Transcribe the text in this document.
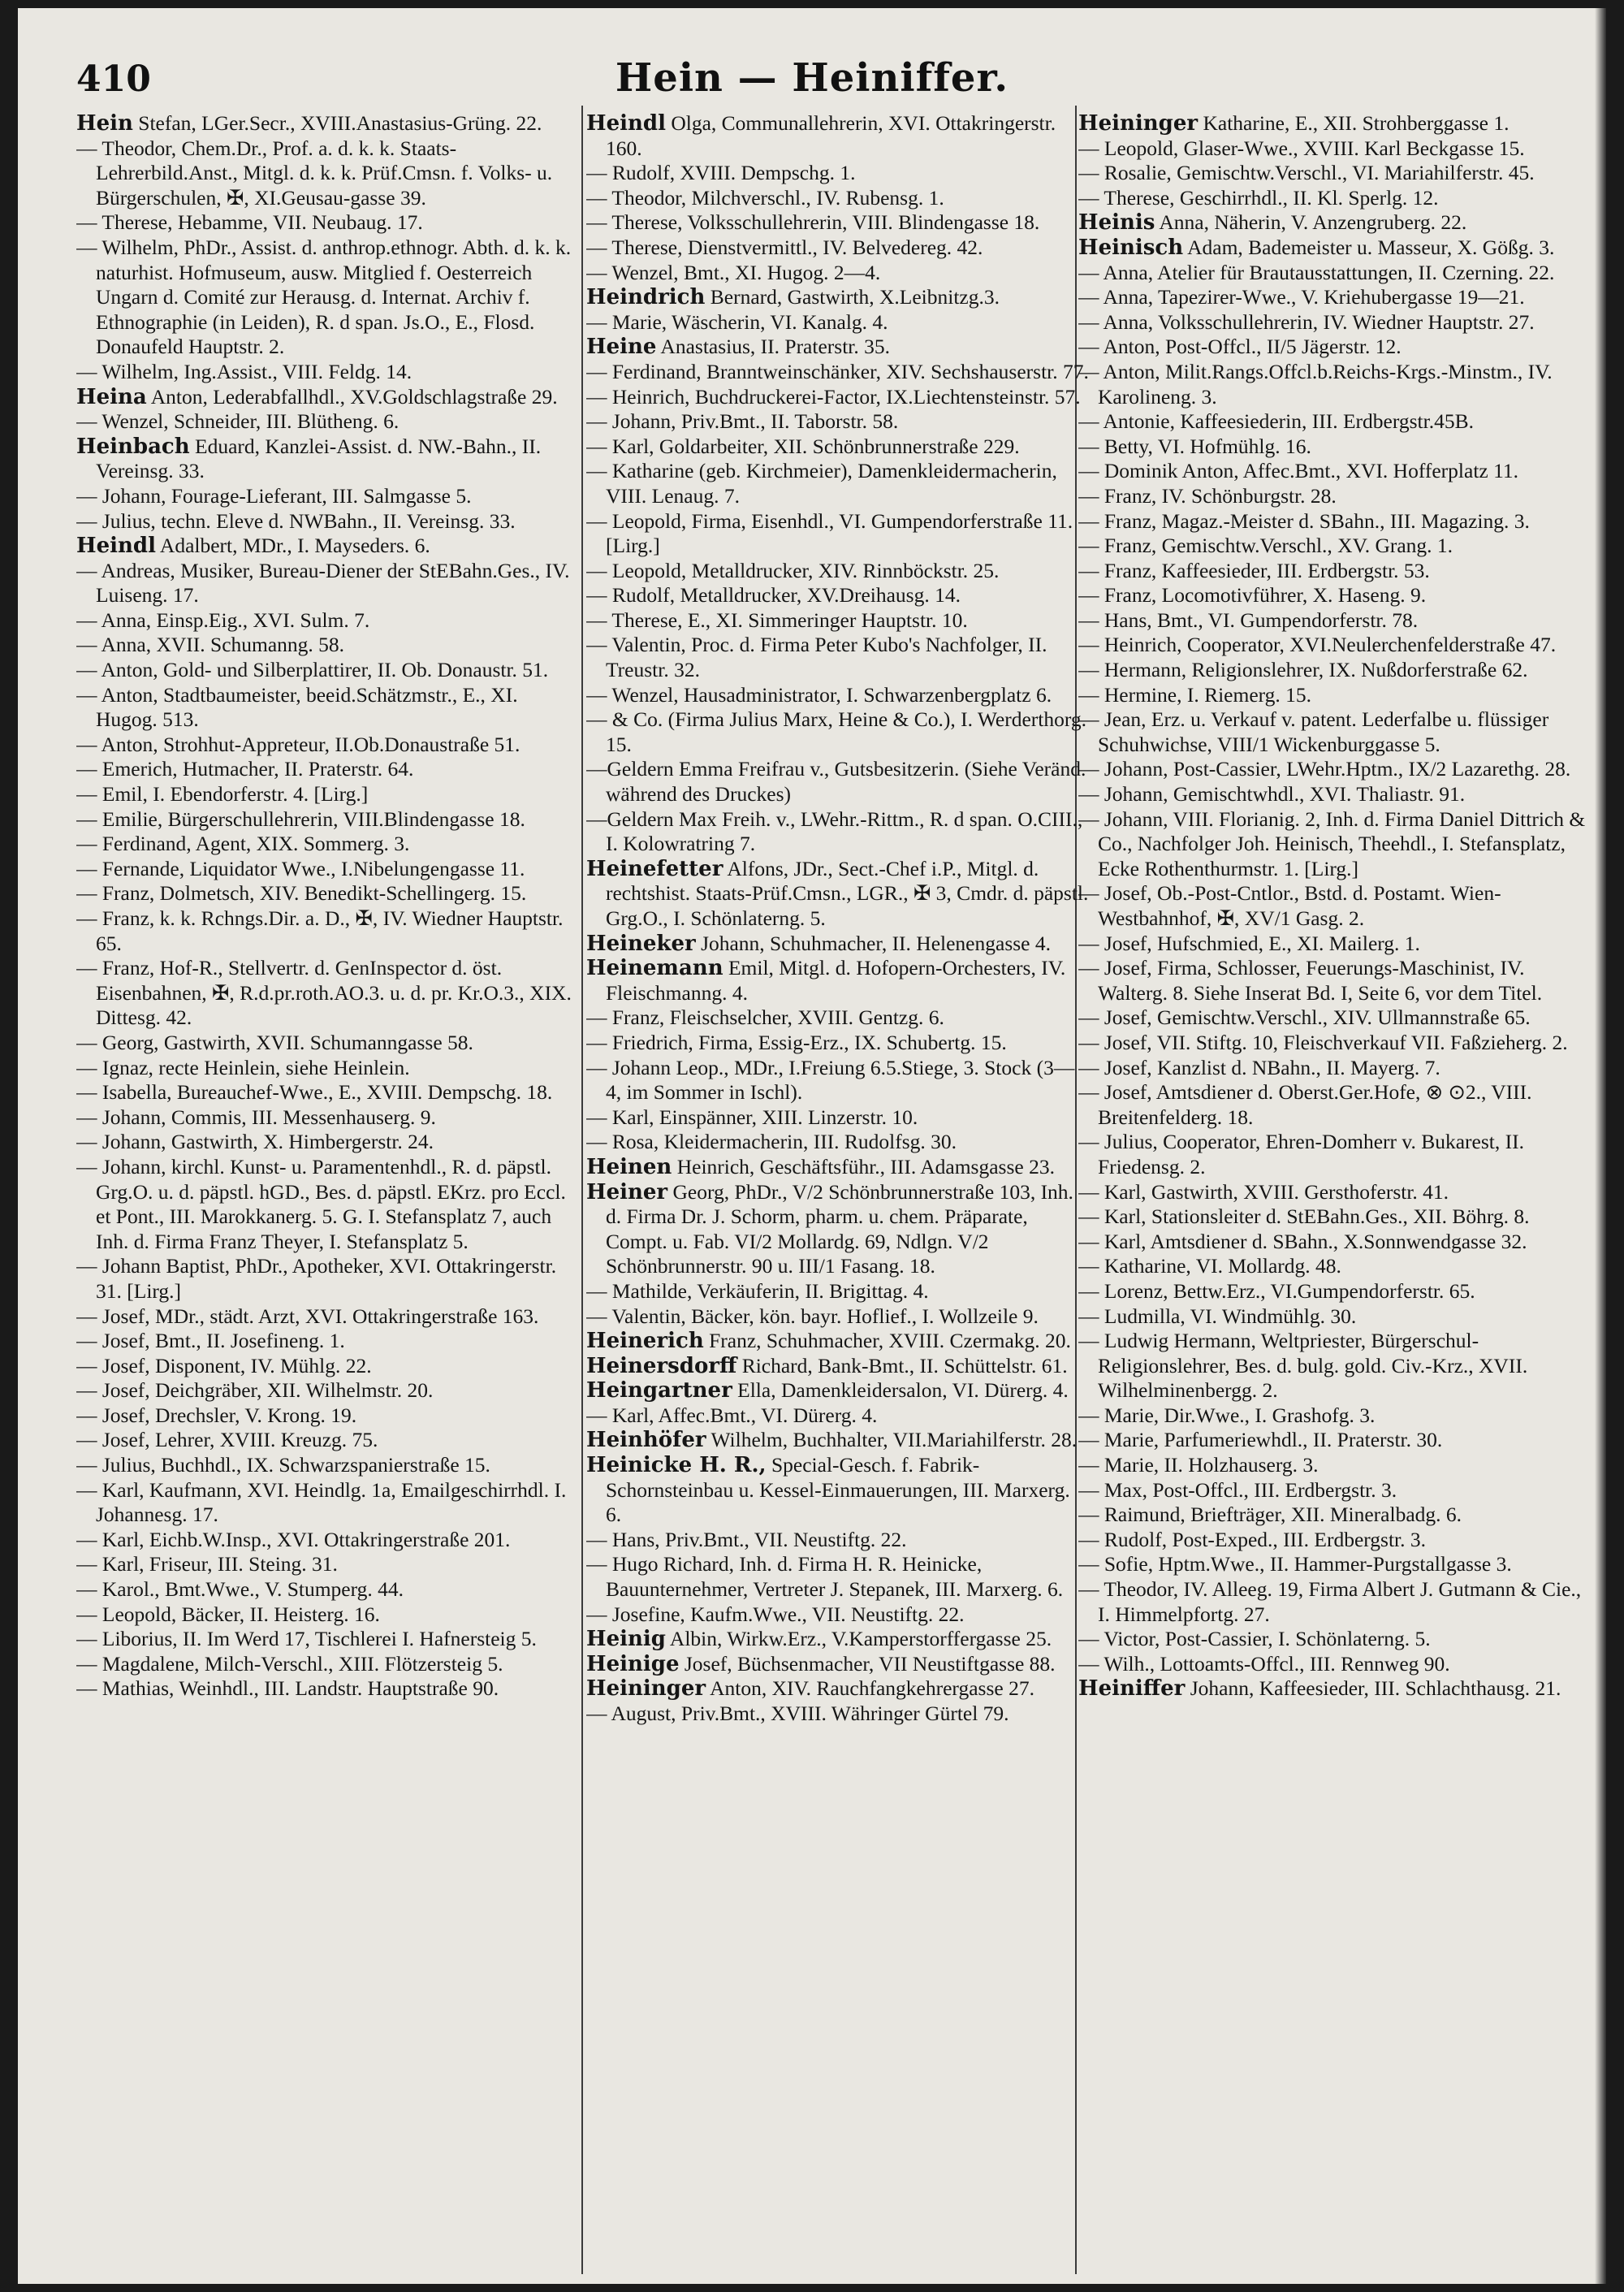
410	Hein — Heiniffer.

Hein Stefan, LGer.Secr., XVIII.Anastasius-Grüng. 22.

— Theodor, Chem.Dr., Prof. a. d. k. k. Staats-Lehrerbild.Anst., Mitgl. d. k. k. Prüf.Cmsn. f. Volks- u. Bürgerschulen, ✠, XI.Geusau-gasse 39.

— Therese, Hebamme, VII. Neubaug. 17.

— Wilhelm, PhDr., Assist. d. anthrop.ethnogr. Abth. d. k. k. naturhist. Hofmuseum, ausw. Mitglied f. Oesterreich Ungarn d. Comité zur Herausg. d. Internat. Archiv f. Ethnographie (in Leiden), R. d span. Js.O., E., Flosd. Donaufeld Hauptstr. 2.

— Wilhelm, Ing.Assist., VIII. Feldg. 14.

Heina Anton, Lederabfallhdl., XV.Goldschlagstraße 29.

— Wenzel, Schneider, III. Blütheng. 6.

Heinbach Eduard, Kanzlei-Assist. d. NW.-Bahn., II. Vereinsg. 33.

— Johann, Fourage-Lieferant, III. Salmgasse 5.

— Julius, techn. Eleve d. NWBahn., II. Vereinsg. 33.

Heindl Adalbert, MDr., I. Mayseders. 6.

— Andreas, Musiker, Bureau-Diener der StEBahn.Ges., IV. Luiseng. 17.

— Anna, Einsp.Eig., XVI. Sulm. 7.

— Anna, XVII. Schumanng. 58.

— Anton, Gold- und Silberplattirer, II. Ob. Donaustr. 51.

— Anton, Stadtbaumeister, beeid.Schätzmstr., E., XI. Hugog. 513.

— Anton, Strohhut-Appreteur, II.Ob.Donaustraße 51.

— Emerich, Hutmacher, II. Praterstr. 64.

— Emil, I. Ebendorferstr. 4. [Lirg.]

— Emilie, Bürgerschullehrerin, VIII.Blindengasse 18.

— Ferdinand, Agent, XIX. Sommerg. 3.

— Fernande, Liquidator Wwe., I.Nibelungengasse 11.

— Franz, Dolmetsch, XIV. Benedikt-Schellingerg. 15.

— Franz, k. k. Rchngs.Dir. a. D., ✠, IV. Wiedner Hauptstr. 65.

— Franz, Hof-R., Stellvertr. d. GenInspector d. öst. Eisenbahnen, ✠, R.d.pr.roth.AO.3. u. d. pr. Kr.O.3., XIX. Dittesg. 42.

— Georg, Gastwirth, XVII. Schumanngasse 58.

— Ignaz, recte Heinlein, siehe Heinlein.

— Isabella, Bureauchef-Wwe., E., XVIII. Dempschg. 18.

— Johann, Commis, III. Messenhauserg. 9.

— Johann, Gastwirth, X. Himbergerstr. 24.

— Johann, kirchl. Kunst- u. Paramentenhdl., R. d. päpstl. Grg.O. u. d. päpstl. hGD., Bes. d. päpstl. EKrz. pro Eccl. et Pont., III. Marokkanerg. 5. G. I. Stefansplatz 7, auch Inh. d. Firma Franz Theyer, I. Stefansplatz 5.

— Johann Baptist, PhDr., Apotheker, XVI. Ottakringerstr. 31. [Lirg.]

— Josef, MDr., städt. Arzt, XVI. Ottakringerstraße 163.

— Josef, Bmt., II. Josefineng. 1.

— Josef, Disponent, IV. Mühlg. 22.

— Josef, Deichgräber, XII. Wilhelmstr. 20.

— Josef, Drechsler, V. Krong. 19.

— Josef, Lehrer, XVIII. Kreuzg. 75.

— Julius, Buchhdl., IX. Schwarzspanierstraße 15.

— Karl, Kaufmann, XVI. Heindlg. 1a, Emailgeschirrhdl. I. Johannesg. 17.

— Karl, Eichb.W.Insp., XVI. Ottakringerstraße 201.

— Karl, Friseur, III. Steing. 31.

— Karol., Bmt.Wwe., V. Stumperg. 44.

— Leopold, Bäcker, II. Heisterg. 16.

— Liborius, II. Im Werd 17, Tischlerei I. Hafnersteig 5.

— Magdalene, Milch-Verschl., XIII. Flötzersteig 5.

— Mathias, Weinhdl., III. Landstr. Hauptstraße 90.

Heindl Olga, Communallehrerin, XVI. Ottakringerstr. 160.

— Rudolf, XVIII. Dempschg. 1.

— Theodor, Milchverschl., IV. Rubensg. 1.

— Therese, Volksschullehrerin, VIII. Blindengasse 18.

— Therese, Dienstvermittl., IV. Belvedereg. 42.

— Wenzel, Bmt., XI. Hugog. 2—4.

Heindrich Bernard, Gastwirth, X.Leibnitzg.3.

— Marie, Wäscherin, VI. Kanalg. 4.

Heine Anastasius, II. Praterstr. 35.

— Ferdinand, Branntweinschänker, XIV. Sechshauserstr. 77.

— Heinrich, Buchdruckerei-Factor, IX.Liechtensteinstr. 57.

— Johann, Priv.Bmt., II. Taborstr. 58.

— Karl, Goldarbeiter, XII. Schönbrunnerstraße 229.

— Katharine (geb. Kirchmeier), Damenkleidermacherin, VIII. Lenaug. 7.

— Leopold, Firma, Eisenhdl., VI. Gumpendorferstraße 11. [Lirg.]

— Leopold, Metalldrucker, XIV. Rinnböckstr. 25.

— Rudolf, Metalldrucker, XV.Dreihausg. 14.

— Therese, E., XI. Simmeringer Hauptstr. 10.

— Valentin, Proc. d. Firma Peter Kubo's Nachfolger, II. Treustr. 32.

— Wenzel, Hausadministrator, I. Schwarzenbergplatz 6.

— & Co. (Firma Julius Marx, Heine & Co.), I. Werderthorg. 15.

—Geldern Emma Freifrau v., Gutsbesitzerin. (Siehe Veränd. während des Druckes)

—Geldern Max Freih. v., LWehr.-Rittm., R. d span. O.CIII., I. Kolowratring 7.

Heinefetter Alfons, JDr., Sect.-Chef i.P., Mitgl. d. rechtshist. Staats-Prüf.Cmsn., LGR., ✠ 3, Cmdr. d. päpstl. Grg.O., I. Schönlaterng. 5.

Heineker Johann, Schuhmacher, II. Helenengasse 4.

Heinemann Emil, Mitgl. d. Hofopern-Orchesters, IV. Fleischmanng. 4.

— Franz, Fleischselcher, XVIII. Gentzg. 6.

— Friedrich, Firma, Essig-Erz., IX. Schubertg. 15.

— Johann Leop., MDr., I.Freiung 6.5.Stiege, 3. Stock (3—4, im Sommer in Ischl).

— Karl, Einspänner, XIII. Linzerstr. 10.

— Rosa, Kleidermacherin, III. Rudolfsg. 30.

Heinen Heinrich, Geschäftsführ., III. Adamsgasse 23.

Heiner Georg, PhDr., V/2 Schönbrunnerstraße 103, Inh. d. Firma Dr. J. Schorm, pharm. u. chem. Präparate, Compt. u. Fab. VI/2 Mollardg. 69, Ndlgn. V/2 Schönbrunnerstr. 90 u. III/1 Fasang. 18.

— Mathilde, Verkäuferin, II. Brigittag. 4.

— Valentin, Bäcker, kön. bayr. Hoflief., I. Wollzeile 9.

Heinerich Franz, Schuhmacher, XVIII. Czermakg. 20.

Heinersdorff Richard, Bank-Bmt., II. Schüttelstr. 61.

Heingartner Ella, Damenkleidersalon, VI. Dürerg. 4.

— Karl, Affec.Bmt., VI. Dürerg. 4.

Heinhöfer Wilhelm, Buchhalter, VII.Mariahilferstr. 28.

Heinicke H. R., Special-Gesch. f. Fabrik-Schornsteinbau u. Kessel-Einmauerungen, III. Marxerg. 6.

— Hans, Priv.Bmt., VII. Neustiftg. 22.

— Hugo Richard, Inh. d. Firma H. R. Heinicke, Bauunternehmer, Vertreter J. Stepanek, III. Marxerg. 6.

— Josefine, Kaufm.Wwe., VII. Neustiftg. 22.

Heinig Albin, Wirkw.Erz., V.Kamperstorffergasse 25.

Heinige Josef, Büchsenmacher, VII Neustiftgasse 88.

Heininger Anton, XIV. Rauchfangkehrergasse 27.

— August, Priv.Bmt., XVIII. Währinger Gürtel 79.

Heininger Katharine, E., XII. Strohberggasse 1.

— Leopold, Glaser-Wwe., XVIII. Karl Beckgasse 15.

— Rosalie, Gemischtw.Verschl., VI. Mariahilferstr. 45.

— Therese, Geschirrhdl., II. Kl. Sperlg. 12.

Heinis Anna, Näherin, V. Anzengruberg. 22.

Heinisch Adam, Bademeister u. Masseur, X. Gößg. 3.

— Anna, Atelier für Brautausstattungen, II. Czerning. 22.

— Anna, Tapezirer-Wwe., V. Kriehubergasse 19—21.

— Anna, Volksschullehrerin, IV. Wiedner Hauptstr. 27.

— Anton, Post-Offcl., II/5 Jägerstr. 12.

— Anton, Milit.Rangs.Offcl.b.Reichs-Krgs.-Minstm., IV. Karolineng. 3.

— Antonie, Kaffeesiederin, III. Erdbergstr.45B.

— Betty, VI. Hofmühlg. 16.

— Dominik Anton, Affec.Bmt., XVI. Hofferplatz 11.

— Franz, IV. Schönburgstr. 28.

— Franz, Magaz.-Meister d. SBahn., III. Magazing. 3.

— Franz, Gemischtw.Verschl., XV. Grang. 1.

— Franz, Kaffeesieder, III. Erdbergstr. 53.

— Franz, Locomotivführer, X. Haseng. 9.

— Hans, Bmt., VI. Gumpendorferstr. 78.

— Heinrich, Cooperator, XVI.Neulerchenfelderstraße 47.

— Hermann, Religionslehrer, IX. Nußdorferstraße 62.

— Hermine, I. Riemerg. 15.

— Jean, Erz. u. Verkauf v. patent. Lederfalbe u. flüssiger Schuhwichse, VIII/1 Wickenburggasse 5.

— Johann, Post-Cassier, LWehr.Hptm., IX/2 Lazarethg. 28.

— Johann, Gemischtwhdl., XVI. Thaliastr. 91.

— Johann, VIII. Florianig. 2, Inh. d. Firma Daniel Dittrich & Co., Nachfolger Joh. Heinisch, Theehdl., I. Stefansplatz, Ecke Rothenthurmstr. 1. [Lirg.]

— Josef, Ob.-Post-Cntlor., Bstd. d. Postamt. Wien-Westbahnhof, ✠, XV/1 Gasg. 2.

— Josef, Hufschmied, E., XI. Mailerg. 1.

— Josef, Firma, Schlosser, Feuerungs-Maschinist, IV. Walterg. 8. Siehe Inserat Bd. I, Seite 6, vor dem Titel.

— Josef, Gemischtw.Verschl., XIV. Ullmannstraße 65.

— Josef, VII. Stiftg. 10, Fleischverkauf VII. Faßzieherg. 2.

— Josef, Kanzlist d. NBahn., II. Mayerg. 7.

— Josef, Amtsdiener d. Oberst.Ger.Hofe, ⊗ ⊙2., VIII. Breitenfelderg. 18.

— Julius, Cooperator, Ehren-Domherr v. Bukarest, II. Friedensg. 2.

— Karl, Gastwirth, XVIII. Gersthoferstr. 41.

— Karl, Stationsleiter d. StEBahn.Ges., XII. Böhrg. 8.

— Karl, Amtsdiener d. SBahn., X.Sonnwendgasse 32.

— Katharine, VI. Mollardg. 48.

— Lorenz, Bettw.Erz., VI.Gumpendorferstr. 65.

— Ludmilla, VI. Windmühlg. 30.

— Ludwig Hermann, Weltpriester, Bürgerschul-Religionslehrer, Bes. d. bulg. gold. Civ.-Krz., XVII. Wilhelminenbergg. 2.

— Marie, Dir.Wwe., I. Grashofg. 3.

— Marie, Parfumeriewhdl., II. Praterstr. 30.

— Marie, II. Holzhauserg. 3.

— Max, Post-Offcl., III. Erdbergstr. 3.

— Raimund, Briefträger, XII. Mineralbadg. 6.

— Rudolf, Post-Exped., III. Erdbergstr. 3.

— Sofie, Hptm.Wwe., II. Hammer-Purgstallgasse 3.

— Theodor, IV. Alleeg. 19, Firma Albert J. Gutmann & Cie., I. Himmelpfortg. 27.

— Victor, Post-Cassier, I. Schönlaterng. 5.

— Wilh., Lottoamts-Offcl., III. Rennweg 90.

Heiniffer Johann, Kaffeesieder, III. Schlachthausg. 21.
